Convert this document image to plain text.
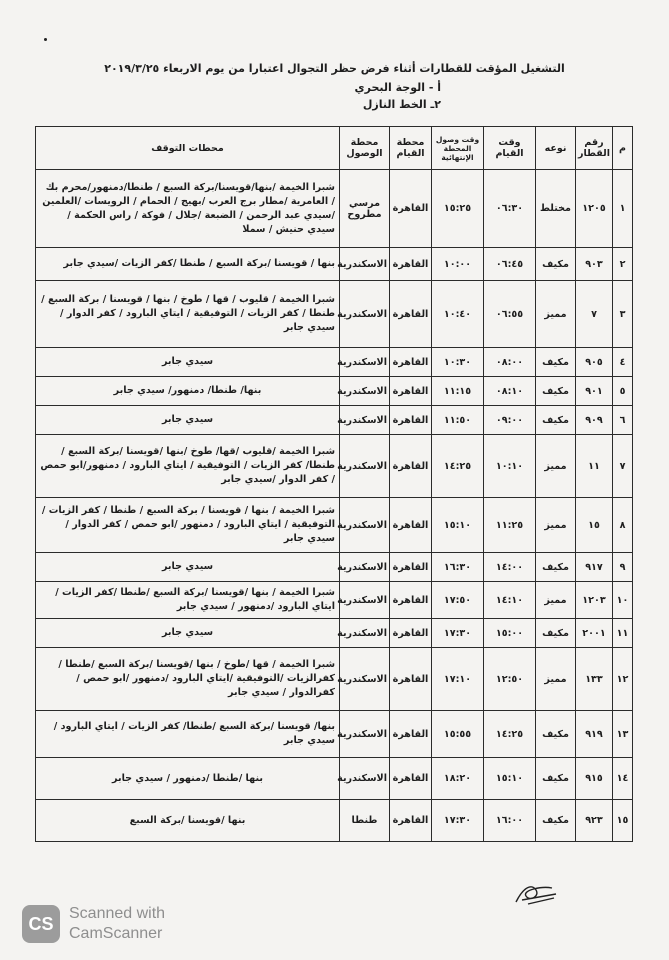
التشغيل المؤقت للقطارات أثناء فرض حظر التجوال اعتبارا من يوم الاربعاء ٢٠١٩/٣/٢٥

أ - الوجة البحري

٢ـ الخط النازل

م	رقم القطار	نوعه	وقت القيام	وقت وصول المحطة الإنتهائية	محطة القيام	محطة الوصول	محطات التوقف
١	١٢٠٥	مختلط	٠٦:٣٠	١٥:٢٥	القاهرة	مرسي مطروح	شبرا الخيمة /بنها/قويسنا/بركة السبع / طنطا/دمنهور/محرم بك / العامرية /مطار برج العرب /بهيج / الحمام / الرويسات /العلمين /سيدي عبد الرحمن / الضبعة /جلال / فوكة / راس الحكمة / سيدي حنيش / سملا
٢	٩٠٣	مكيف	٠٦:٤٥	١٠:٠٠	القاهرة	الاسكندرية	بنها / قويسنا /بركة السبع / طنطا /كفر الزيات /سيدي جابر
٣	٧	مميز	٠٦:٥٥	١٠:٤٠	القاهرة	الاسكندرية	شبرا الخيمة / قليوب / قها / طوخ / بنها / قويسنا / بركة السبع / طنطا / كفر الزيات / التوفيقية / ايتاي البارود / كفر الدوار / سيدي جابر
٤	٩٠٥	مكيف	٠٨:٠٠	١٠:٣٠	القاهرة	الاسكندرية	سيدي جابر
٥	٩٠١	مكيف	٠٨:١٠	١١:١٥	القاهرة	الاسكندرية	بنها/ طنطا/ دمنهور/ سيدي جابر
٦	٩٠٩	مكيف	٠٩:٠٠	١١:٥٠	القاهرة	الاسكندرية	سيدي جابر
٧	١١	مميز	١٠:١٠	١٤:٢٥	القاهرة	الاسكندرية	شبرا الخيمة /قليوب /قها/ طوخ /بنها /قويسنا /بركة السبع / طنطا/ كفر الزيات / التوفيقية / ايتاي البارود / دمنهور/ابو حمص / كفر الدوار /سيدي جابر
٨	١٥	مميز	١١:٢٥	١٥:١٠	القاهرة	الاسكندرية	شبرا الخيمة / بنها / قويسنا / بركة السبع / طنطا / كفر الزيات / التوفيقية / ايتاي البارود / دمنهور /ابو حمص / كفر الدوار / سيدي جابر
٩	٩١٧	مكيف	١٤:٠٠	١٦:٣٠	القاهرة	الاسكندرية	سيدي جابر
١٠	١٢٠٣	مميز	١٤:١٠	١٧:٥٠	القاهرة	الاسكندرية	شبرا الخيمة / بنها /قويسنا /بركة السبع /طنطا /كفر الزيات /ايتاي البارود /دمنهور / سيدي جابر
١١	٢٠٠١	مكيف	١٥:٠٠	١٧:٣٠	القاهرة	الاسكندرية	سيدي جابر
١٢	١٣٣	مميز	١٢:٥٠	١٧:١٠	القاهرة	الاسكندرية	شبرا الخيمة / قها /طوخ / بنها /قويسنا /بركة السبع /طنطا /كفرالزيات /التوفيقية /ايتاي البارود /دمنهور /ابو حمص / كفرالدوار / سيدي جابر
١٣	٩١٩	مكيف	١٤:٢٥	١٥:٥٥	القاهرة	الاسكندرية	بنها/ قويسنا /بركة السبع /طنطا/ كفر الزيات / ايتاي البارود /سيدي جابر
١٤	٩١٥	مكيف	١٥:١٠	١٨:٢٠	القاهرة	الاسكندرية	بنها /طنطا /دمنهور / سيدي جابر
١٥	٩٢٣	مكيف	١٦:٠٠	١٧:٣٠	القاهرة	طنطا	بنها /قويسنا /بركة السبع
CS Scanned with
CamScanner
